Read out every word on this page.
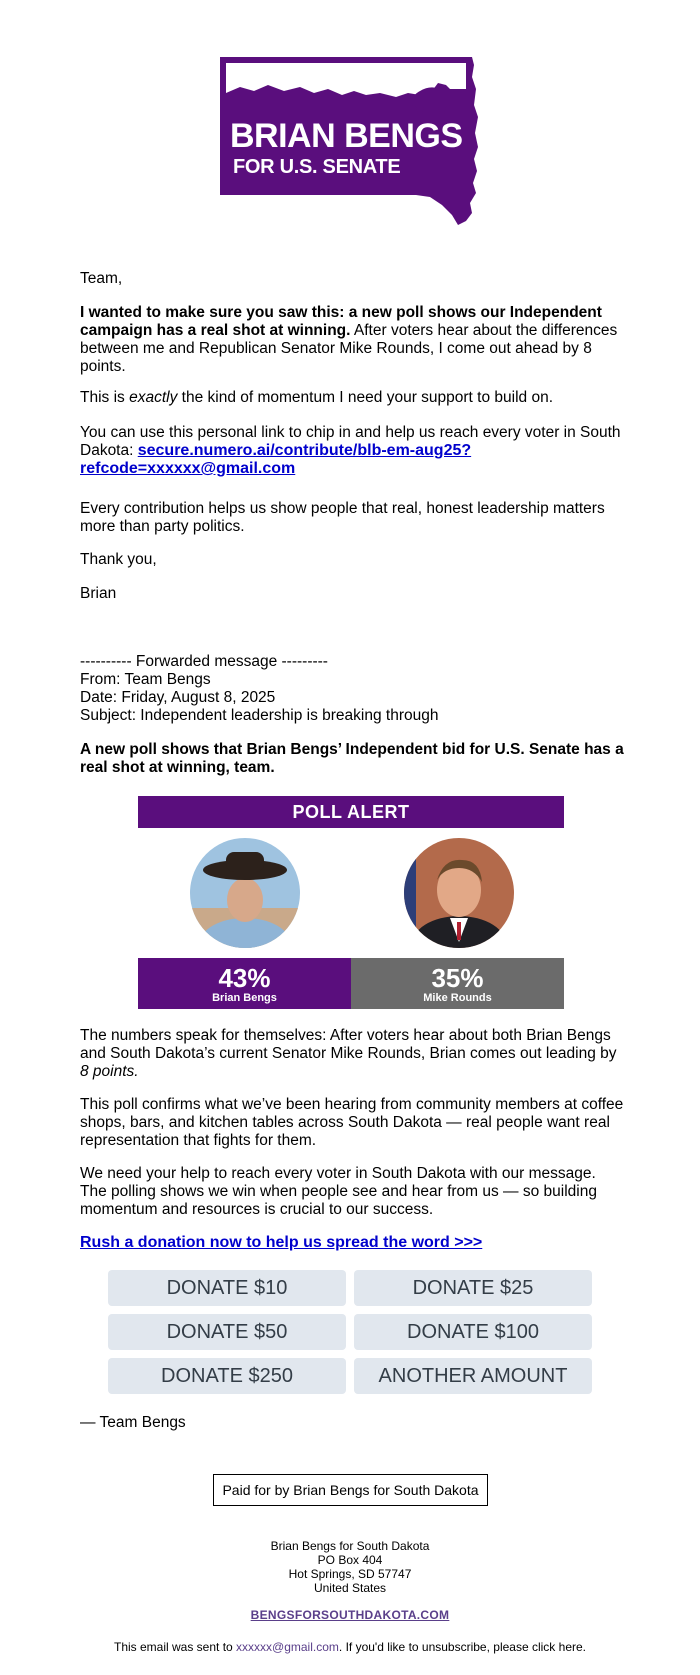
BRIAN BENGS
FOR U.S. SENATE

Team,

I wanted to make sure you saw this: a new poll shows our Independent campaign has a real shot at winning. After voters hear about the differences between me and Republican Senator Mike Rounds, I come out ahead by 8 points.

This is exactly the kind of momentum I need your support to build on.

You can use this personal link to chip in and help us reach every voter in South Dakota: secure.numero.ai/contribute/blb-em-aug25?
refcode=xxxxxx@gmail.com

Every contribution helps us show people that real, honest leadership matters more than party politics.

Thank you,

Brian

---------- Forwarded message ---------

From: Team Bengs

Date: Friday, August 8, 2025

Subject: Independent leadership is breaking through

A new poll shows that Brian Bengs’ Independent bid for U.S. Senate has a real shot at winning, team.

POLL ALERT
43%
Brian Bengs
35%
Mike Rounds

The numbers speak for themselves: After voters hear about both Brian Bengs and South Dakota’s current Senator Mike Rounds, Brian comes out leading by 8 points.

This poll confirms what we’ve been hearing from community members at coffee shops, bars, and kitchen tables across South Dakota — real people want real representation that fights for them.

We need your help to reach every voter in South Dakota with our message. The polling shows we win when people see and hear from us — so building momentum and resources is crucial to our success.

Rush a donation now to help us spread the word >>>
DONATE $10	DONATE $25
DONATE $50	DONATE $100
DONATE $250	ANOTHER AMOUNT

— Team Bengs

Paid for by Brian Bengs for South Dakota
Brian Bengs for South Dakota
PO Box 404
Hot Springs, SD 57747
United States
BENGSFORSOUTHDAKOTA.COM
This email was sent to xxxxxx@gmail.com. If you'd like to unsubscribe, please click here.
